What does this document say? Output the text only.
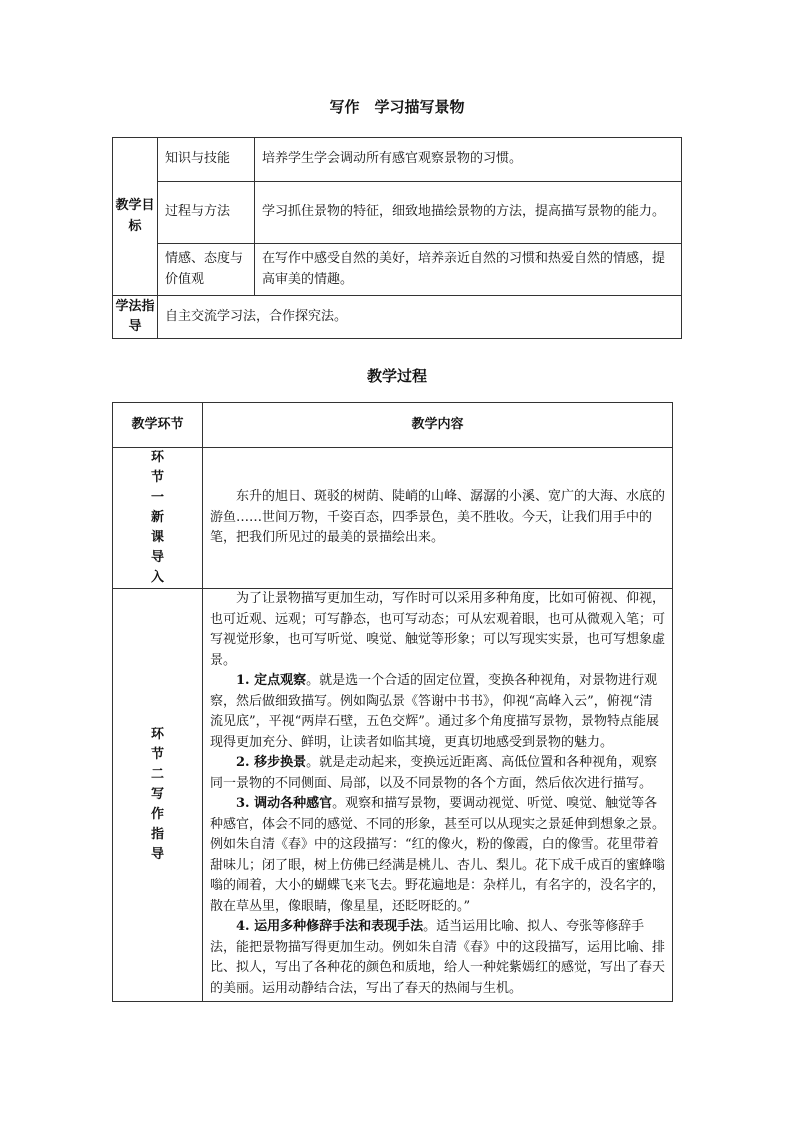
写作　学习描写景物
教学目标	知识与技能	培养学生学会调动所有感官观察景物的习惯。
	过程与方法	学习抓住景物的特征，细致地描绘景物的方法，提高描写景物的能力。
	情感、态度与价值观	在写作中感受自然的美好，培养亲近自然的习惯和热爱自然的情感，提高审美的情趣。
学法指导	自主交流学习法，合作探究法。	
教学过程
教学环节	教学内容
环节一新课导入	东升的旭日、斑驳的树荫、陡峭的山峰、潺潺的小溪、宽广的大海、水底的游鱼……世间万物，千姿百态，四季景色，美不胜收。今天，让我们用手中的笔，把我们所见过的最美的景描绘出来。

环节二写作指导	为了让景物描写更加生动，写作时可以采用多种角度，比如可俯视、仰视，也可近观、远观；可写静态，也可写动态；可从宏观着眼，也可从微观入笔；可写视觉形象，也可写听觉、嗅觉、触觉等形象；可以写现实实景，也可写想象虚景。

1. 定点观察。就是选一个合适的固定位置，变换各种视角，对景物进行观察，然后做细致描写。例如陶弘景《答谢中书书》，仰视“高峰入云”，俯视“清流见底”，平视“两岸石壁，五色交辉”。通过多个角度描写景物，景物特点能展现得更加充分、鲜明，让读者如临其境，更真切地感受到景物的魅力。

2. 移步换景。就是走动起来，变换远近距离、高低位置和各种视角，观察同一景物的不同侧面、局部，以及不同景物的各个方面，然后依次进行描写。

3. 调动各种感官。观察和描写景物，要调动视觉、听觉、嗅觉、触觉等各种感官，体会不同的感觉、不同的形象，甚至可以从现实之景延伸到想象之景。例如朱自清《春》中的这段描写：“红的像火，粉的像霞，白的像雪。花里带着甜味儿；闭了眼，树上仿佛已经满是桃儿、杏儿、梨儿。花下成千成百的蜜蜂嗡嗡的闹着，大小的蝴蝶飞来飞去。野花遍地是：杂样儿，有名字的，没名字的，散在草丛里，像眼睛，像星星，还眨呀眨的。”

4. 运用多种修辞手法和表现手法。适当运用比喻、拟人、夸张等修辞手法，能把景物描写得更加生动。例如朱自清《春》中的这段描写，运用比喻、排比、拟人，写出了各种花的颜色和质地，给人一种姹紫嫣红的感觉，写出了春天的美丽。运用动静结合法，写出了春天的热闹与生机。
